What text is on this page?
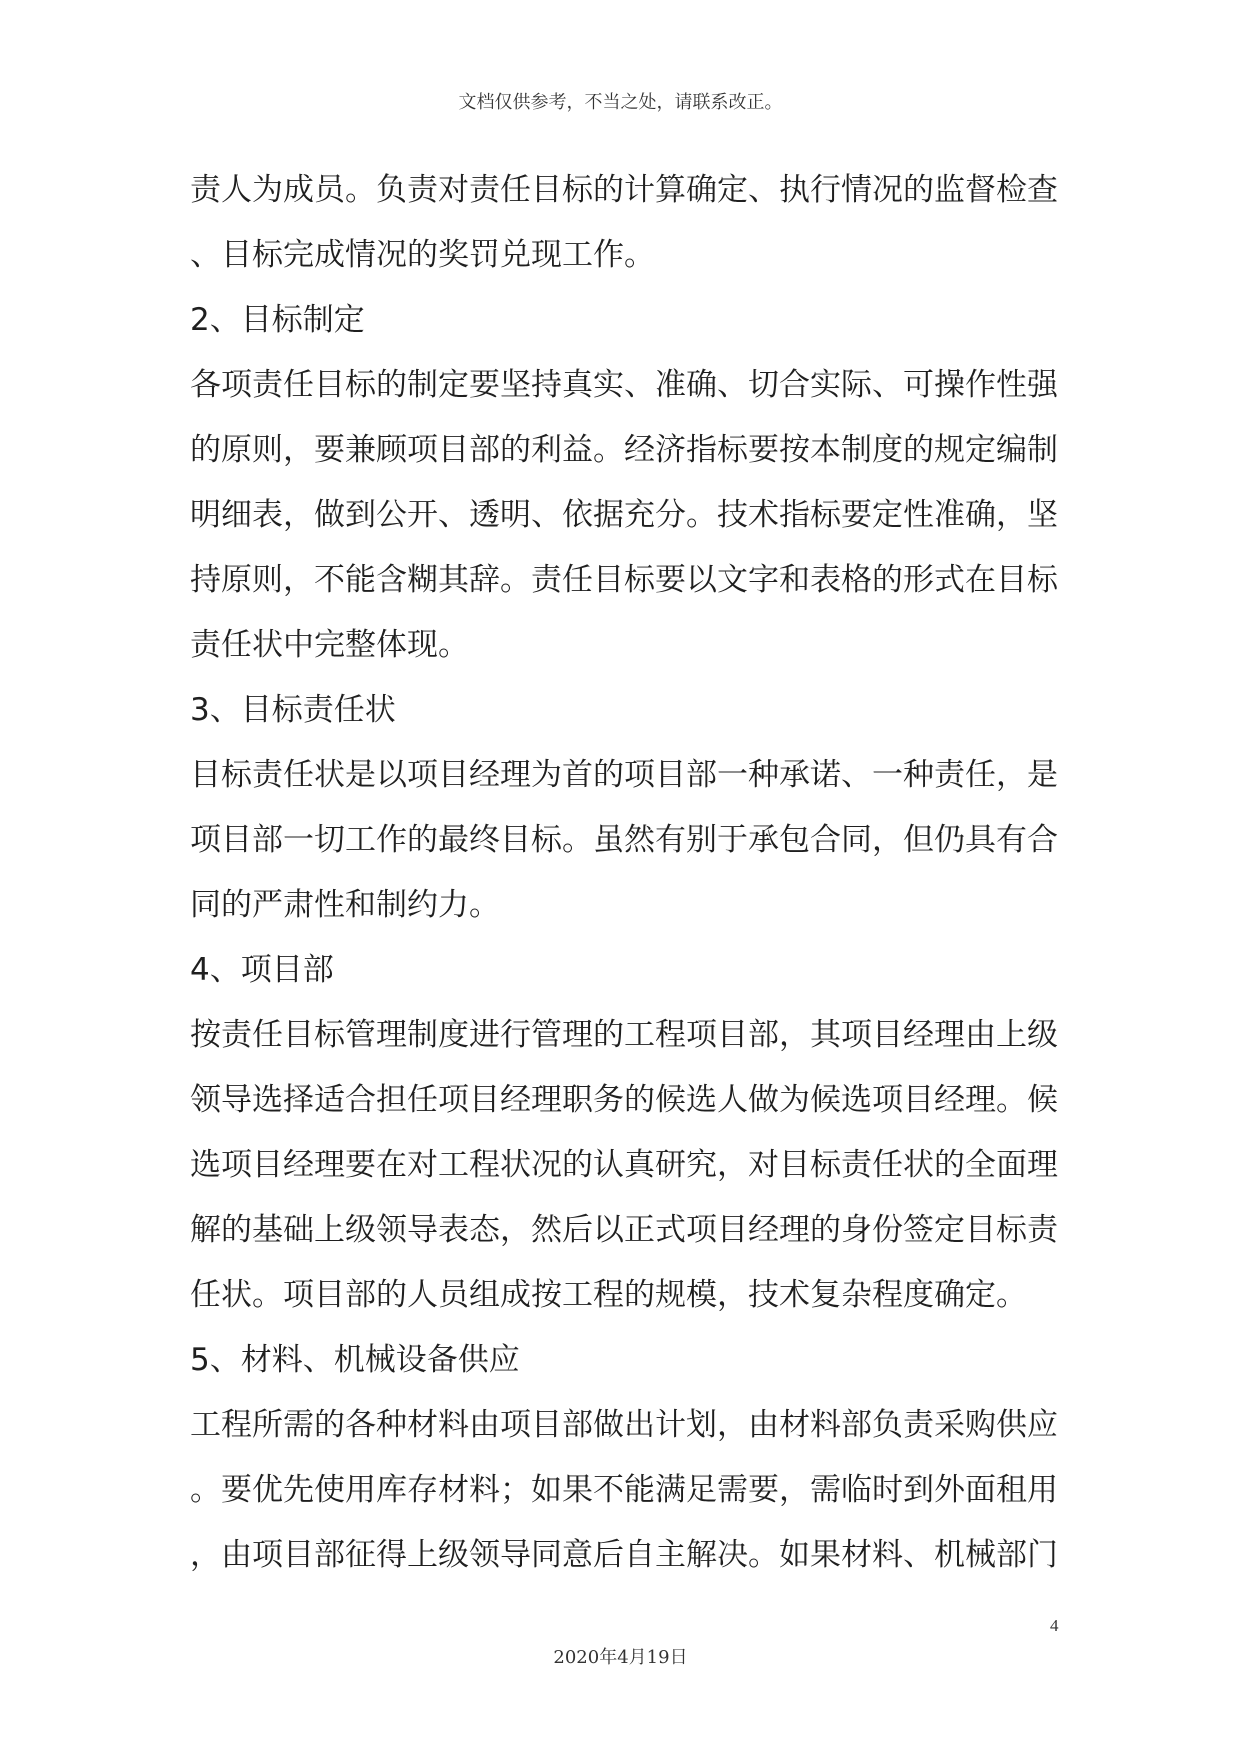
文档仅供参考，不当之处，请联系改正。
责人为成员。负责对责任目标的计算确定、执行情况的监督检查
、目标完成情况的奖罚兑现工作。
2、目标制定
各项责任目标的制定要坚持真实、准确、切合实际、可操作性强
的原则，要兼顾项目部的利益。经济指标要按本制度的规定编制
明细表，做到公开、透明、依据充分。技术指标要定性准确，坚
持原则，不能含糊其辞。责任目标要以文字和表格的形式在目标
责任状中完整体现。
3、目标责任状
目标责任状是以项目经理为首的项目部一种承诺、一种责任，是
项目部一切工作的最终目标。虽然有别于承包合同，但仍具有合
同的严肃性和制约力。
4、项目部
按责任目标管理制度进行管理的工程项目部，其项目经理由上级
领导选择适合担任项目经理职务的候选人做为候选项目经理。候
选项目经理要在对工程状况的认真研究，对目标责任状的全面理
解的基础上级领导表态，然后以正式项目经理的身份签定目标责
任状。项目部的人员组成按工程的规模，技术复杂程度确定。
5、材料、机械设备供应
工程所需的各种材料由项目部做出计划，由材料部负责采购供应
。要优先使用库存材料；如果不能满足需要，需临时到外面租用
，由项目部征得上级领导同意后自主解决。如果材料、机械部门
4
2020年4月19日
